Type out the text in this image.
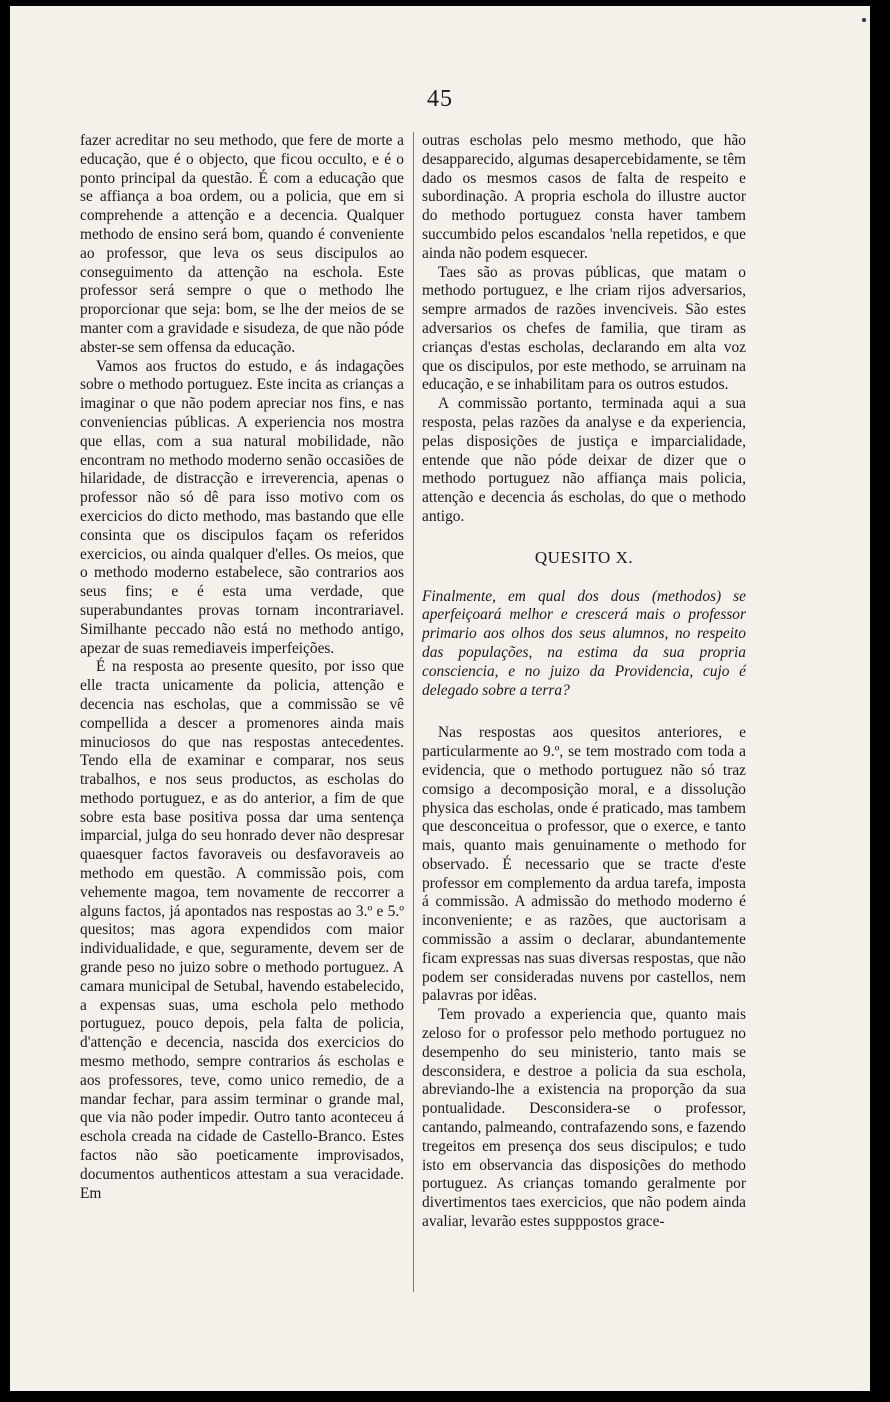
45

fazer acreditar no seu methodo, que fere de morte a educação, que é o objecto, que ficou occulto, e é o ponto principal da questão. É com a educação que se affiança a boa ordem, ou a policia, que em si comprehende a attenção e a decencia. Qualquer methodo de ensino será bom, quando é conveniente ao professor, que leva os seus discipulos ao conseguimento da attenção na eschola. Este professor será sempre o que o methodo lhe proporcionar que seja: bom, se lhe der meios de se manter com a gravidade e sisudeza, de que não póde abster-se sem offensa da educação.

Vamos aos fructos do estudo, e ás indagações sobre o methodo portuguez. Este incita as crianças a imaginar o que não podem apreciar nos fins, e nas conveniencias públicas. A experiencia nos mostra que ellas, com a sua natural mobilidade, não encontram no methodo moderno senão occasiões de hilaridade, de distracção e irreverencia, apenas o professor não só dê para isso motivo com os exercicios do dicto methodo, mas bastando que elle consinta que os discipulos façam os referidos exercicios, ou ainda qualquer d'elles. Os meios, que o methodo moderno estabelece, são contrarios aos seus fins; e é esta uma verdade, que superabundantes provas tornam incontrariavel. Similhante peccado não está no methodo antigo, apezar de suas remediaveis imperfeições.

É na resposta ao presente quesito, por isso que elle tracta unicamente da policia, attenção e decencia nas escholas, que a commissão se vê compellida a descer a promenores ainda mais minuciosos do que nas respostas antecedentes. Tendo ella de examinar e comparar, nos seus trabalhos, e nos seus productos, as escholas do methodo portuguez, e as do anterior, a fim de que sobre esta base positiva possa dar uma sentença imparcial, julga do seu honrado dever não despresar quaesquer factos favoraveis ou desfavoraveis ao methodo em questão. A commissão pois, com vehemente magoa, tem novamente de reccorrer a alguns factos, já apontados nas respostas ao 3.º e 5.º quesitos; mas agora expendidos com maior individualidade, e que, seguramente, devem ser de grande peso no juizo sobre o methodo portuguez. A camara municipal de Setubal, havendo estabelecido, a expensas suas, uma eschola pelo methodo portuguez, pouco depois, pela falta de policia, d'attenção e decencia, nascida dos exercicios do mesmo methodo, sempre contrarios ás escholas e aos professores, teve, como unico remedio, de a mandar fechar, para assim terminar o grande mal, que via não poder impedir. Outro tanto aconteceu á eschola creada na cidade de Castello-Branco. Estes factos não são poeticamente improvisados, documentos authenticos attestam a sua veracidade. Em

outras escholas pelo mesmo methodo, que hão desapparecido, algumas desapercebidamente, se têm dado os mesmos casos de falta de respeito e subordinação. A propria eschola do illustre auctor do methodo portuguez consta haver tambem succumbido pelos escandalos 'nella repetidos, e que ainda não podem esquecer.

Taes são as provas públicas, que matam o methodo portuguez, e lhe criam rijos adversarios, sempre armados de razões invenciveis. São estes adversarios os chefes de familia, que tiram as crianças d'estas escholas, declarando em alta voz que os discipulos, por este methodo, se arruinam na educação, e se inhabilitam para os outros estudos.

A commissão portanto, terminada aqui a sua resposta, pelas razões da analyse e da experiencia, pelas disposições de justiça e imparcialidade, entende que não póde deixar de dizer que o methodo portuguez não affiança mais policia, attenção e decencia ás escholas, do que o methodo antigo.

QUESITO X.

Finalmente, em qual dos dous (methodos) se aperfeiçoará melhor e crescerá mais o professor primario aos olhos dos seus alumnos, no respeito das populações, na estima da sua propria consciencia, e no juizo da Providencia, cujo é delegado sobre a terra?

Nas respostas aos quesitos anteriores, e particularmente ao 9.º, se tem mostrado com toda a evidencia, que o methodo portuguez não só traz comsigo a decomposição moral, e a dissolução physica das escholas, onde é praticado, mas tambem que desconceitua o professor, que o exerce, e tanto mais, quanto mais genuinamente o methodo for observado. É necessario que se tracte d'este professor em complemento da ardua tarefa, imposta á commissão. A admissão do methodo moderno é inconveniente; e as razões, que auctorisam a commissão a assim o declarar, abundantemente ficam expressas nas suas diversas respostas, que não podem ser consideradas nuvens por castellos, nem palavras por idêas.

Tem provado a experiencia que, quanto mais zeloso for o professor pelo methodo portuguez no desempenho do seu ministerio, tanto mais se desconsidera, e destroe a policia da sua eschola, abreviando-lhe a existencia na proporção da sua pontualidade. Desconsidera-se o professor, cantando, palmeando, contrafazendo sons, e fazendo tregeitos em presença dos seus discipulos; e tudo isto em observancia das disposições do methodo portuguez. As crianças tomando geralmente por divertimentos taes exercicios, que não podem ainda avaliar, levarão estes supppostos grace-
